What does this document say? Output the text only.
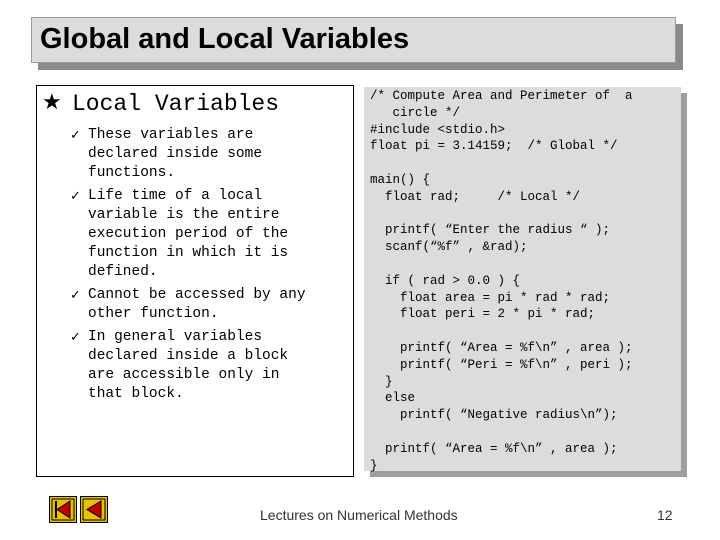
Global and Local Variables
★ Local Variables
✓ These variables are
declared inside some
functions.
✓ Life time of a local
variable is the entire
execution period of the
function in which it is
defined.
✓ Cannot be accessed by any
other function.
✓ In general variables
declared inside a block
are accessible only in
that block.
/* Compute Area and Perimeter of  a
circle */
#include <stdio.h>
float pi = 3.14159;  /* Global */
main() {
float rad;     /* Local */
printf( “Enter the radius “ );
scanf(“%f” , &rad);
if ( rad > 0.0 ) {
float area = pi * rad * rad;
float peri = 2 * pi * rad;
printf( “Area = %f\n” , area );
printf( “Peri = %f\n” , peri );
}
else
printf( “Negative radius\n”);
printf( “Area = %f\n” , area );
}
Lectures on Numerical Methods	12
